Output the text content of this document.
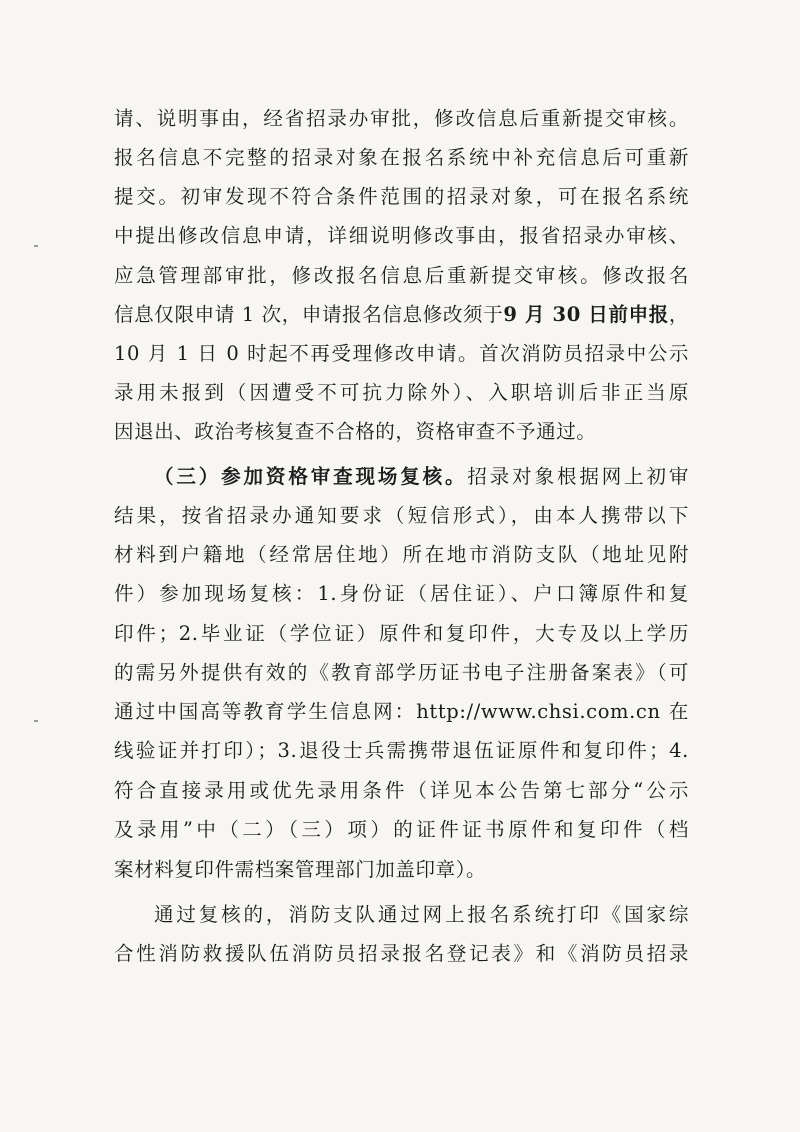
请、说明事由，经省招录办审批，修改信息后重新提交审核。
报名信息不完整的招录对象在报名系统中补充信息后可重新
提交。初审发现不符合条件范围的招录对象，可在报名系统
中提出修改信息申请，详细说明修改事由，报省招录办审核、
应急管理部审批，修改报名信息后重新提交审核。修改报名
信息仅限申请 1 次，申请报名信息修改须于9 月 30 日前申报，
10 月 1 日 0 时起不再受理修改申请。首次消防员招录中公示
录用未报到（因遭受不可抗力除外）、入职培训后非正当原
因退出、政治考核复查不合格的，资格审查不予通过。
（三）参加资格审查现场复核。招录对象根据网上初审
结果，按省招录办通知要求（短信形式），由本人携带以下
材料到户籍地（经常居住地）所在地市消防支队（地址见附
件）参加现场复核：1.身份证（居住证）、户口簿原件和复
印件；2.毕业证（学位证）原件和复印件，大专及以上学历
的需另外提供有效的《教育部学历证书电子注册备案表》（可
通过中国高等教育学生信息网：http://www.chsi.com.cn 在
线验证并打印）；3.退役士兵需携带退伍证原件和复印件；4.
符合直接录用或优先录用条件（详见本公告第七部分“公示
及录用”中（二）（三）项）的证件证书原件和复印件（档
案材料复印件需档案管理部门加盖印章）。
通过复核的，消防支队通过网上报名系统打印《国家综
合性消防救援队伍消防员招录报名登记表》和《消防员招录
